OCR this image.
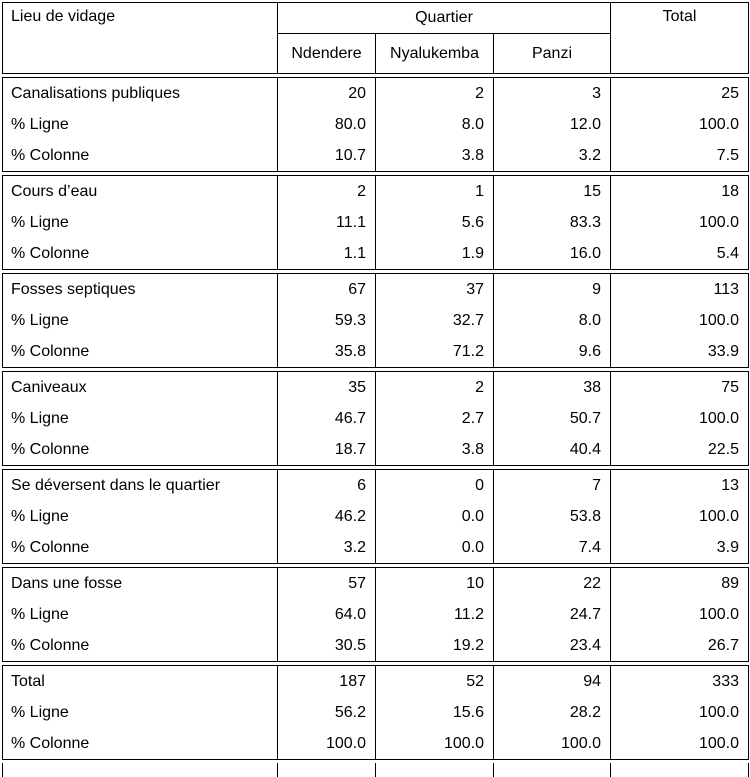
Lieu de vidage	Quartier			Total
	Ndendere	Nyalukemba	Panzi	
Canalisations publiques	20	2	3	25
% Ligne	80.0	8.0	12.0	100.0
% Colonne	10.7	3.8	3.2	7.5
Cours d’eau	2	1	15	18
% Ligne	11.1	5.6	83.3	100.0
% Colonne	1.1	1.9	16.0	5.4
Fosses septiques	67	37	9	113
% Ligne	59.3	32.7	8.0	100.0
% Colonne	35.8	71.2	9.6	33.9
Caniveaux	35	2	38	75
% Ligne	46.7	2.7	50.7	100.0
% Colonne	18.7	3.8	40.4	22.5
Se déversent dans le quartier	6	0	7	13
% Ligne	46.2	0.0	53.8	100.0
% Colonne	3.2	0.0	7.4	3.9
Dans une fosse	57	10	22	89
% Ligne	64.0	11.2	24.7	100.0
% Colonne	30.5	19.2	23.4	26.7
Total	187	52	94	333
% Ligne	56.2	15.6	28.2	100.0
% Colonne	100.0	100.0	100.0	100.0
